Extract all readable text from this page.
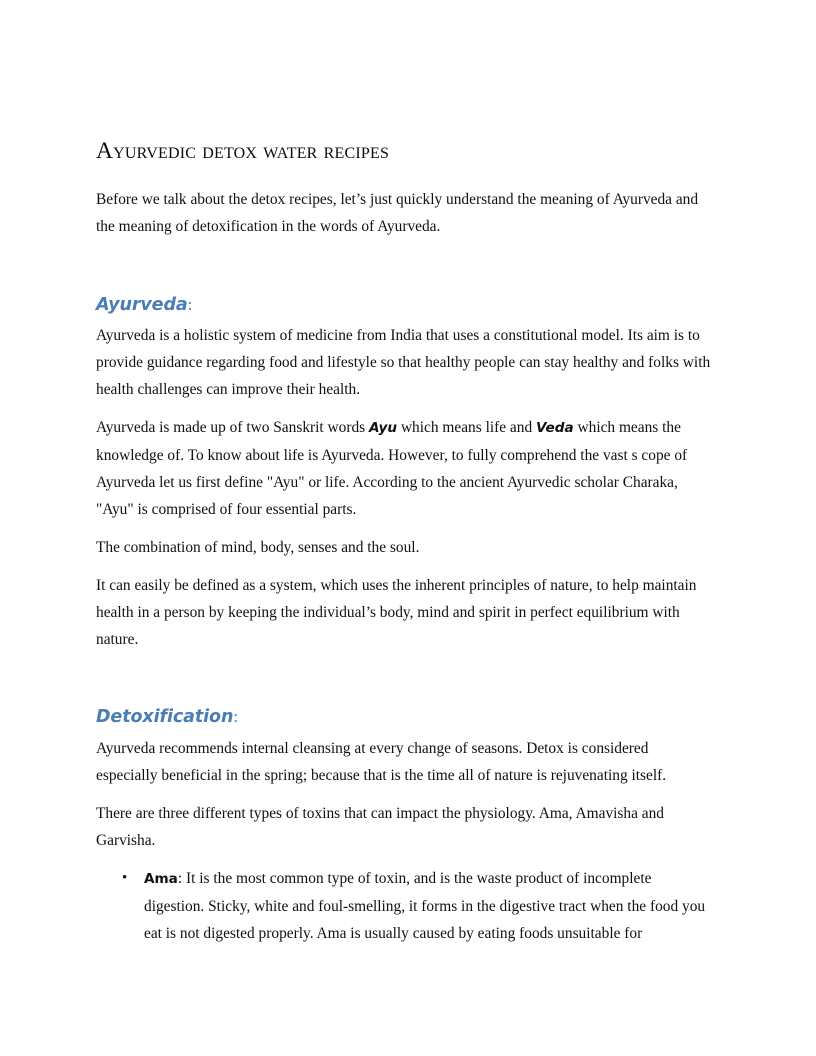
Ayurvedic detox water recipes

Before we talk about the detox recipes, let’s just quickly understand the meaning of Ayurveda and the meaning of detoxification in the words of Ayurveda.

Ayurveda:

Ayurveda is a holistic system of medicine from India that uses a constitutional model. Its aim is to provide guidance regarding food and lifestyle so that healthy people can stay healthy and folks with health challenges can improve their health.

Ayurveda is made up of two Sanskrit words Ayu which means life and Veda which means the knowledge of. To know about life is Ayurveda. However, to fully comprehend the vast s cope of Ayurveda let us first define "Ayu" or life. According to the ancient Ayurvedic scholar Charaka, "Ayu" is comprised of four essential parts.

The combination of mind, body, senses and the soul.

It can easily be defined as a system, which uses the inherent principles of nature, to help maintain health in a person by keeping the individual’s body, mind and spirit in perfect equilibrium with nature.

Detoxification:

Ayurveda recommends internal cleansing at every change of seasons. Detox is considered especially beneficial in the spring; because that is the time all of nature is rejuvenating itself.

There are three different types of toxins that can impact the physiology. Ama, Amavisha and Garvisha.

• Ama: It is the most common type of toxin, and is the waste product of incomplete digestion. Sticky, white and foul-smelling, it forms in the digestive tract when the food you eat is not digested properly. Ama is usually caused by eating foods unsuitable for
